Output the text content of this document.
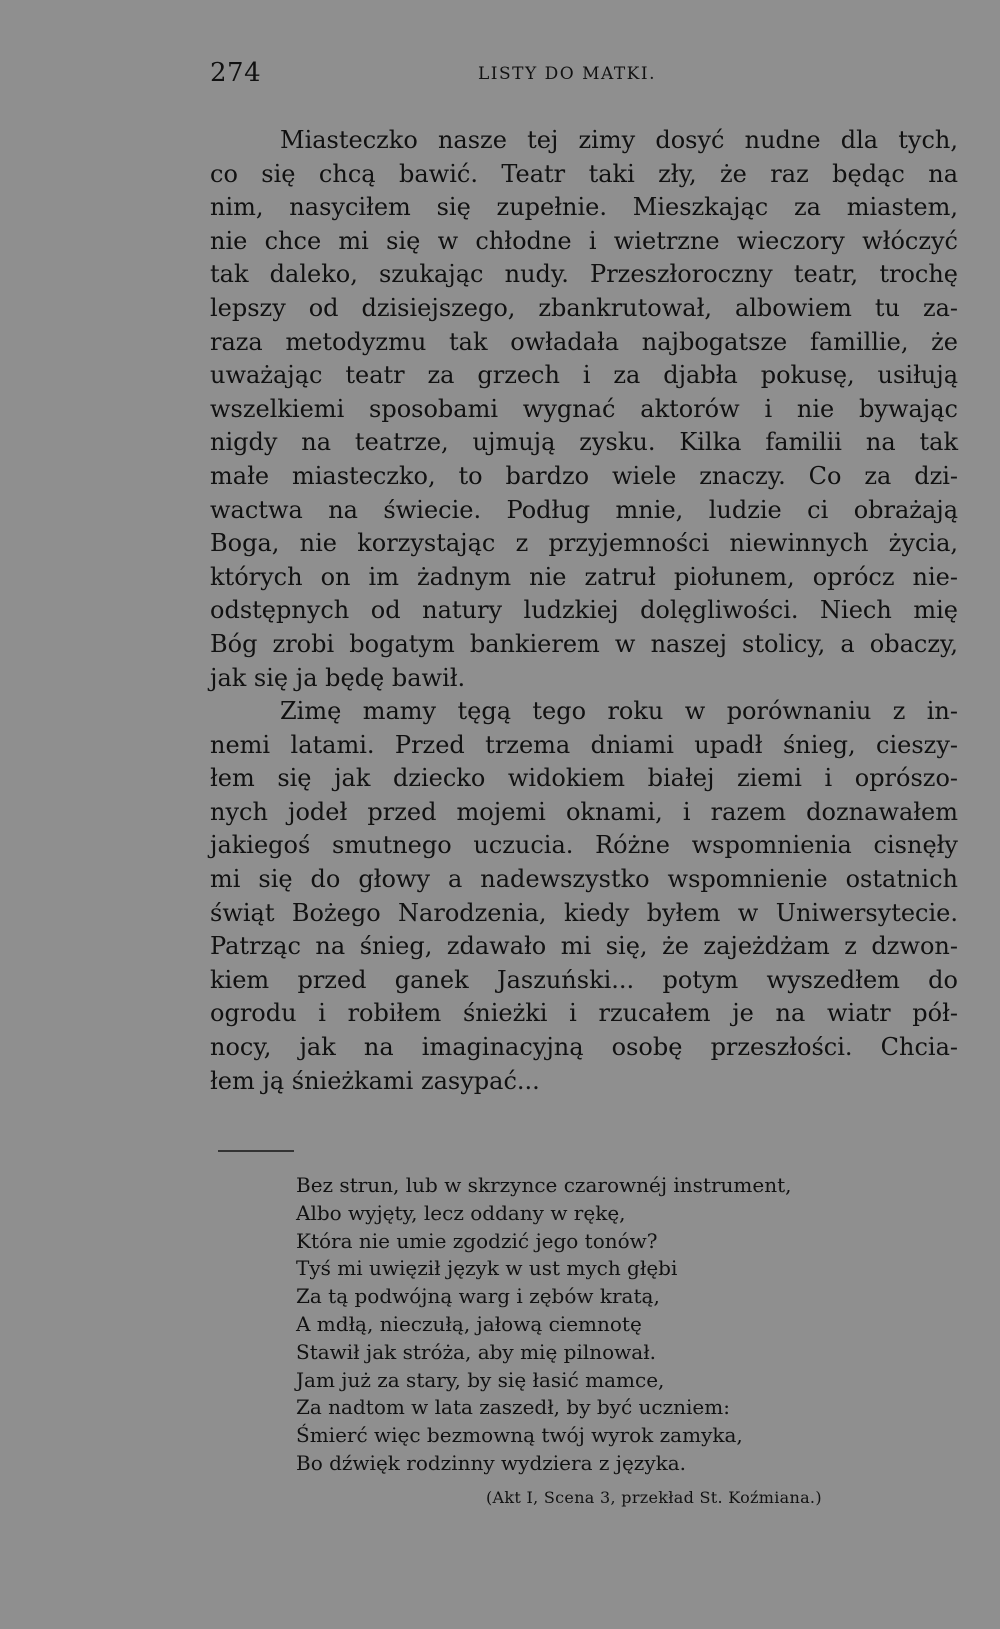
274	LISTY DO MATKI.
Miasteczko nasze tej zimy dosyć nudne dla tych,
co się chcą bawić. Teatr taki zły, że raz będąc na
nim, nasyciłem się zupełnie. Mieszkając za miastem,
nie chce mi się w chłodne i wietrzne wieczory włóczyć
tak daleko, szukając nudy. Przeszłoroczny teatr, trochę
lepszy od dzisiejszego, zbankrutował, albowiem tu za-
raza metodyzmu tak owładała najbogatsze famillie, że
uważając teatr za grzech i za djabła pokusę, usiłują
wszelkiemi sposobami wygnać aktorów i nie bywając
nigdy na teatrze, ujmują zysku. Kilka familii na tak
małe miasteczko, to bardzo wiele znaczy. Co za dzi-
wactwa na świecie. Podług mnie, ludzie ci obrażają
Boga, nie korzystając z przyjemności niewinnych życia,
których on im żadnym nie zatruł piołunem, oprócz nie-
odstępnych od natury ludzkiej dolęgliwości. Niech mię
Bóg zrobi bogatym bankierem w naszej stolicy, a obaczy,
jak się ja będę bawił.
Zimę mamy tęgą tego roku w porównaniu z in-
nemi latami. Przed trzema dniami upadł śnieg, cieszy-
łem się jak dziecko widokiem białej ziemi i oprószo-
nych jodeł przed mojemi oknami, i razem doznawałem
jakiegoś smutnego uczucia. Różne wspomnienia cisnęły
mi się do głowy a nadewszystko wspomnienie ostatnich
świąt Bożego Narodzenia, kiedy byłem w Uniwersytecie.
Patrząc na śnieg, zdawało mi się, że zajeżdżam z dzwon-
kiem przed ganek Jaszuński... potym wyszedłem do
ogrodu i robiłem śnieżki i rzucałem je na wiatr pół-
nocy, jak na imaginacyjną osobę przeszłości. Chcia-
łem ją śnieżkami zasypać...
Bez strun, lub w skrzynce czarownéj instrument,
Albo wyjęty, lecz oddany w rękę,
Która nie umie zgodzić jego tonów?
Tyś mi uwięził język w ust mych głębi
Za tą podwójną warg i zębów kratą,
A mdłą, nieczułą, jałową ciemnotę
Stawił jak stróża, aby mię pilnował.
Jam już za stary, by się łasić mamce,
Za nadtom w lata zaszedł, by być uczniem:
Śmierć więc bezmowną twój wyrok zamyka,
Bo dźwięk rodzinny wydziera z języka.
(Akt I, Scena 3, przekład St. Koźmiana.)
